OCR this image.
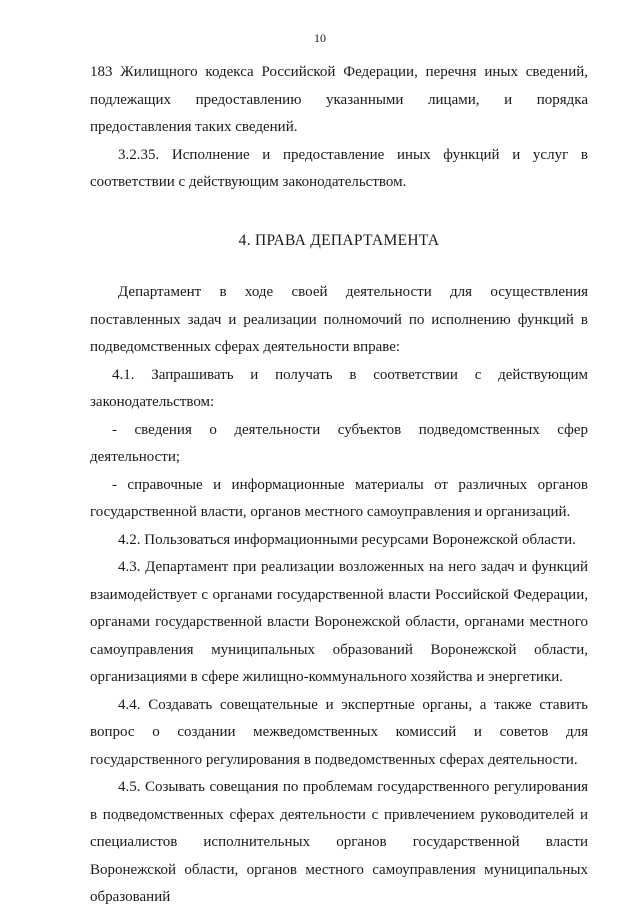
10

183 Жилищного кодекса Российской Федерации, перечня иных сведений, подлежащих предоставлению указанными лицами, и порядка предоставления таких сведений.

3.2.35. Исполнение и предоставление иных функций и услуг в соответствии с действующим законодательством.

4. ПРАВА ДЕПАРТАМЕНТА

Департамент в ходе своей деятельности для осуществления поставленных задач и реализации полномочий по исполнению функций в подведомственных сферах деятельности вправе:

4.1. Запрашивать и получать в соответствии с действующим законодательством:

- сведения о деятельности субъектов подведомственных сфер деятельности;

- справочные и информационные материалы от различных органов государственной власти, органов местного самоуправления и организаций.

4.2. Пользоваться информационными ресурсами Воронежской области.

4.3. Департамент при реализации возложенных на него задач и функций взаимодействует с органами государственной власти Российской Федерации, органами государственной власти Воронежской области, органами местного самоуправления муниципальных образований Воронежской области, организациями в сфере жилищно-коммунального хозяйства и энергетики.

4.4. Создавать совещательные и экспертные органы, а также ставить вопрос о создании межведомственных комиссий и советов для государственного регулирования в подведомственных сферах деятельности.

4.5. Созывать совещания по проблемам государственного регулирования в подведомственных сферах деятельности с привлечением руководителей и специалистов исполнительных органов государственной власти Воронежской области, органов местного самоуправления муниципальных образований
